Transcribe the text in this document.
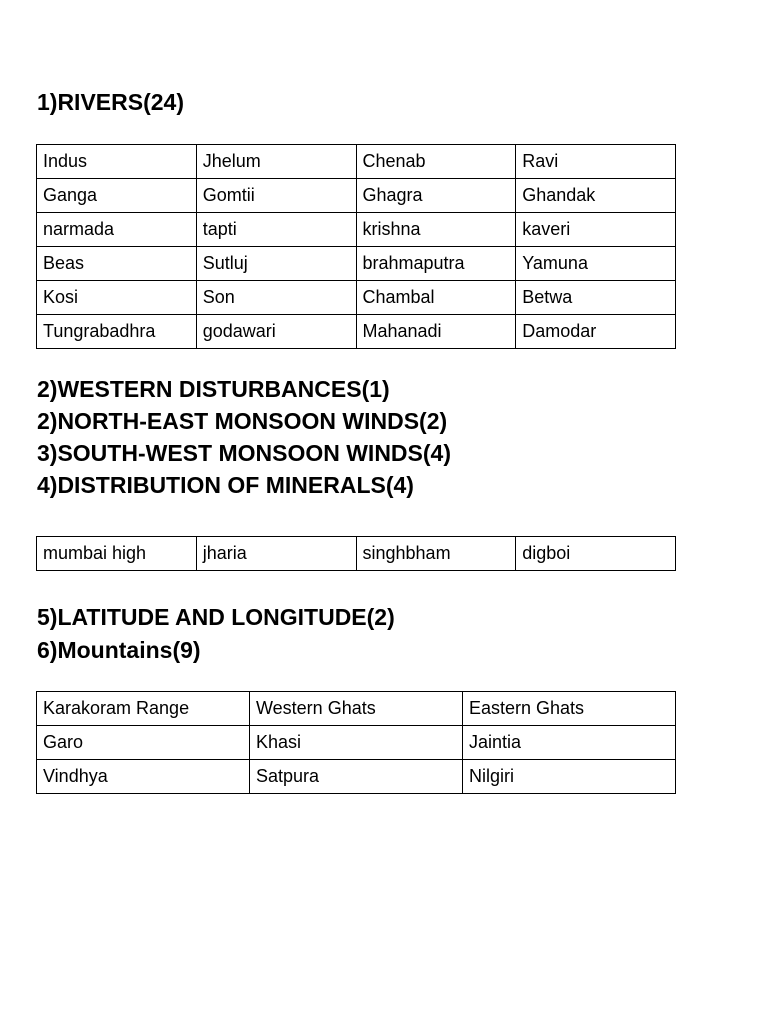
1)RIVERS(24)
Indus	Jhelum	Chenab	Ravi
Ganga	Gomtii	Ghagra	Ghandak
narmada	tapti	krishna	kaveri
Beas	Sutluj	brahmaputra	Yamuna
Kosi	Son	Chambal	Betwa
Tungrabadhra	godawari	Mahanadi	Damodar
2)WESTERN DISTURBANCES(1)
2)NORTH-EAST MONSOON WINDS(2)
3)SOUTH-WEST MONSOON WINDS(4)
4)DISTRIBUTION OF MINERALS(4)
mumbai high	jharia	singhbham	digboi
5)LATITUDE AND LONGITUDE(2)
6)Mountains(9)
Karakoram Range	Western Ghats	Eastern Ghats
Garo	Khasi	Jaintia
Vindhya	Satpura	Nilgiri
